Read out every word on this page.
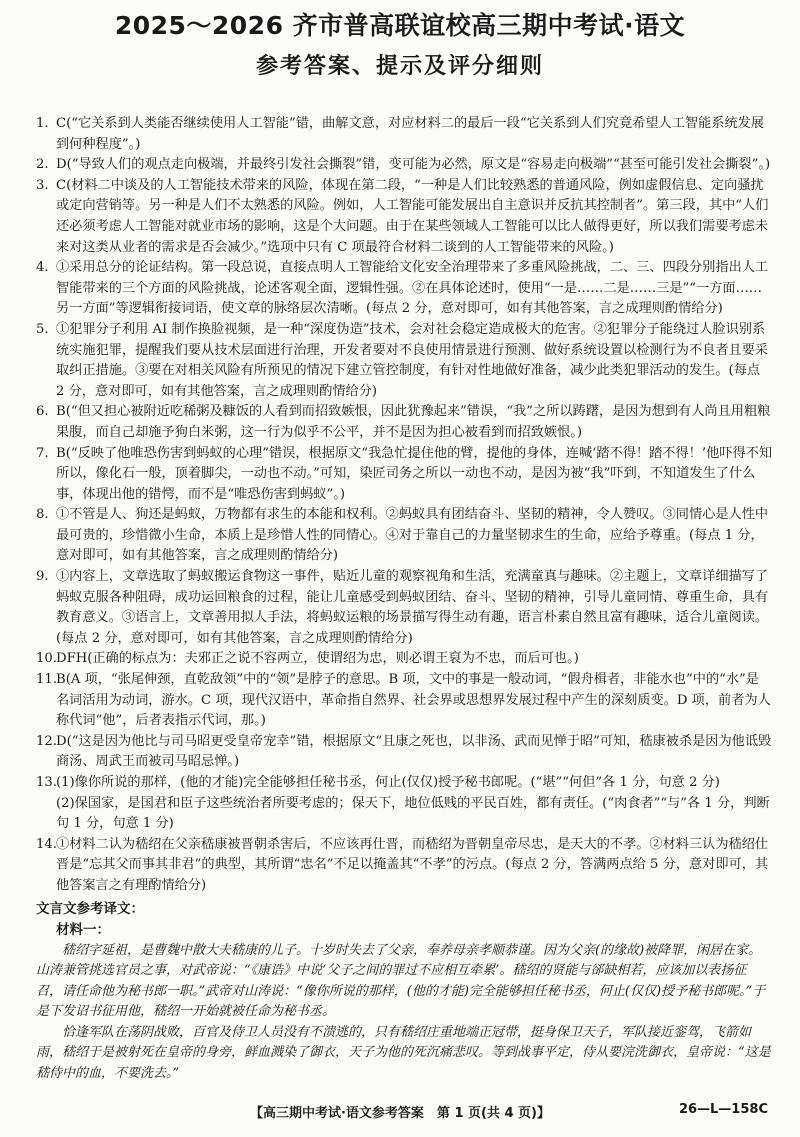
2025～2026 齐市普高联谊校高三期中考试·语文
参考答案、提示及评分细则
1. C(“它关系到人类能否继续使用人工智能”错，曲解文意，对应材料二的最后一段“它关系到人们究竟希望人工智能系统发展到何种程度”。)
2. D(“导致人们的观点走向极端，并最终引发社会撕裂”错，变可能为必然，原文是“容易走向极端”“甚至可能引发社会撕裂”。)
3. C(材料二中谈及的人工智能技术带来的风险，体现在第二段，“一种是人们比较熟悉的普通风险，例如虚假信息、定向骚扰或定向营销等。另一种是人们不太熟悉的风险。例如，人工智能可能发展出自主意识并反抗其控制者”。第三段，其中“人们还必须考虑人工智能对就业市场的影响，这是个大问题。由于在某些领域人工智能可以比人做得更好，所以我们需要考虑未来对这类从业者的需求是否会减少。”选项中只有 C 项最符合材料二谈到的人工智能带来的风险。)
4. ①采用总分的论证结构。第一段总说，直接点明人工智能给文化安全治理带来了多重风险挑战，二、三、四段分别指出人工智能带来的三个方面的风险挑战，论述客观全面，逻辑性强。②在具体论述时，使用“一是……二是……三是”“一方面……另一方面”等逻辑衔接词语，使文章的脉络层次清晰。(每点 2 分，意对即可，如有其他答案，言之成理则酌情给分)
5. ①犯罪分子利用 AI 制作换脸视频，是一种“深度伪造”技术，会对社会稳定造成极大的危害。②犯罪分子能绕过人脸识别系统实施犯罪，提醒我们要从技术层面进行治理，开发者要对不良使用情景进行预测、做好系统设置以检测行为不良者且要采取纠正措施。③要在对相关风险有所预见的情况下建立管控制度，有针对性地做好准备，减少此类犯罪活动的发生。(每点 2 分，意对即可，如有其他答案，言之成理则酌情给分)
6. B(“但又担心被附近吃稀粥及糠饭的人看到而招致嫉恨，因此犹豫起来”错误，“我”之所以踌躇，是因为想到有人尚且用粗粮果腹，而自己却施予狗白米粥，这一行为似乎不公平，并不是因为担心被看到而招致嫉恨。)
7. B(“反映了他唯恐伤害到蚂蚁的心理”错误，根据原文“我急忙提住他的臂，提他的身体，连喊‘踏不得！踏不得！’他吓得不知所以，像化石一般，顶着脚尖，一动也不动。”可知，染匠司务之所以一动也不动，是因为被“我”吓到，不知道发生了什么事，体现出他的错愕，而不是“唯恐伤害到蚂蚁”。)
8. ①不管是人、狗还是蚂蚁，万物都有求生的本能和权利。②蚂蚁具有团结奋斗、坚韧的精神，令人赞叹。③同情心是人性中最可贵的，珍惜微小生命，本质上是珍惜人性的同情心。④对于靠自己的力量坚韧求生的生命，应给予尊重。(每点 1 分，意对即可，如有其他答案，言之成理则酌情给分)
9. ①内容上，文章选取了蚂蚁搬运食物这一事件，贴近儿童的观察视角和生活，充满童真与趣味。②主题上，文章详细描写了蚂蚁克服各种阻碍，成功运回粮食的过程，能让儿童感受到蚂蚁团结、奋斗、坚韧的精神，引导儿童同情、尊重生命，具有教育意义。③语言上，文章善用拟人手法，将蚂蚁运粮的场景描写得生动有趣，语言朴素自然且富有趣味，适合儿童阅读。(每点 2 分，意对即可，如有其他答案，言之成理则酌情给分)
10. DFH(正确的标点为：夫邪正之说不容两立，使谓绍为忠，则必谓王裒为不忠，而后可也。)
11. B(A 项，“张尾伸颈，直乾敌领”中的“领”是脖子的意思。B 项，文中的事是一般动词，“假舟楫者，非能水也”中的“水”是名词活用为动词，游水。C 项，现代汉语中，革命指自然界、社会界或思想界发展过程中产生的深刻质变。D 项，前者为人称代词“他”，后者表指示代词，那。)
12. D(“这是因为他比与司马昭更受皇帝宠幸”错，根据原文“且康之死也，以非汤、武而见惮于昭”可知，嵇康被杀是因为他诋毁商汤、周武王而被司马昭忌惮。)
13. (1)像你所说的那样，(他的才能)完全能够担任秘书丞，何止(仅仅)授予秘书郎呢。(“堪”“何但”各 1 分，句意 2 分)
(2)保国家，是国君和臣子这些统治者所要考虑的；保天下，地位低贱的平民百姓，都有责任。(“肉食者”“与”各 1 分，判断句 1 分，句意 1 分)
14. ①材料二认为嵇绍在父亲嵇康被晋朝杀害后，不应该再仕晋，而嵇绍为晋朝皇帝尽忠，是天大的不孝。②材料三认为嵇绍仕晋是“忘其父而事其非君”的典型，其所谓“忠名”不足以掩盖其“不孝”的污点。(每点 2 分，答满两点给 5 分，意对即可，其他答案言之有理酌情给分)
文言文参考译文：
材料一：

嵇绍字延祖，是曹魏中散大夫嵇康的儿子。十岁时失去了父亲，奉养母亲孝顺恭谨。因为父亲(的缘故)被降罪，闲居在家。山涛兼管挑选官员之事，对武帝说：“《康诰》中说‘父子之间的罪过不应相互牵累’。嵇绍的贤能与郤缺相若，应该加以表扬征召，请任命他为秘书郎一职。”武帝对山涛说：“像你所说的那样，(他的才能)完全能够担任秘书丞，何止(仅仅)授予秘书郎呢。”于是下发诏书征用他，嵇绍一开始就被任命为秘书丞。

恰逢军队在荡阴战败，百官及侍卫人员没有不溃逃的，只有嵇绍庄重地端正冠带，挺身保卫天子，军队接近銮驾，飞箭如雨，嵇绍于是被射死在皇帝的身旁，鲜血溅染了御衣，天子为他的死沉痛悲叹。等到战事平定，侍从要浣洗御衣，皇帝说：“这是嵇侍中的血，不要洗去。”

【高三期中考试·语文参考答案　第 1 页(共 4 页)】	26—L—158C
